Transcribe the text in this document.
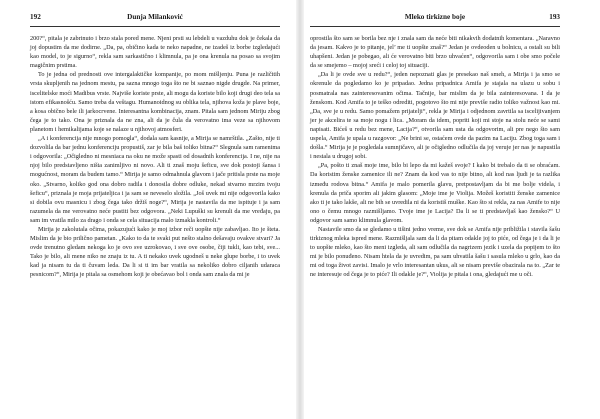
192	Dunja Milanković

200?“, pitala je zabrinuto i brzo stala pored mene. Njeni prsti su lebdeli u vazduhu dok je čekala da joj dopustim da me dodirne. „Da, pa, običino kada te neko napadne, ne izadeš iz borbe izgledajući kao model, to je sigurno“, rekla sam sarkastično i klimnula, pa je ona krenula na posao sa svojim magičnim prstima.

To je jedna od prednosti ove intergalaktičke kompanije, po mom mišljenju. Puna je različitih vrsta skupljenih na jednom mestu, pa sazna mnogo toga što ne bi saznao nigde drugde. Na primer, iscelitelske moći Madibus vrste. Najviše koriste prste, ali mogu da koriste bilo koji drugi deo tela sa istom efikasnošću. Samo treba da veštagu. Humanoidnog su oblika tela, njihova koža je plave boje, a kosa obično bele ili jarkocrvene. Interesantna kombinacija, znam. Pitala sam jednom Miriju zbog čega je to tako. Ona je priznala da ne zna, ali da je čula da verovatno ima veze sa njihovom planetom i hemikalijama koje se nalaze u njihovoj atmosferi.

„A i konferencija nije mnogo pomogla“, dodala sam kasnije, a Mirija se namrštila. „Zašto, nije ti dozvolila da bar jednu konferenciju propustiš, zar je bila baš toliko bitna?“ Slegnula sam ramenima i odgovorila: „Očigledno ni mesniaca na oku ne može spasti od dosadnih konferencija. I ne, nije na njoj bilo predstavljeno ništa zanimljivo ni novo. Ali ti znaš moju šeficu, sve dok postoji šansa i mogućnost, moram da budem tamo.“ Mirija je samo odmahnula glavom i jače pritisla prste na moje oko. „Stvarno, koliko god ona dobro radila i donosila dobre odluke, nekad stvarno mrzim tvoju šeficu“, priznala je moja prijateljica i ja sam se neveselo složila. „Još uvek mi nije odgovorila kako si dobila ovu masnicu i zbog čega tako držiš noge?“, Mirija je nastavila da me ispituje i ja sam razumela da me verovatno neće pustiti bez odgovora. „Neki Lupuški su krenuli da me vređaju, pa sam im vratila milo za drago i onda se cela situacija malo izmakla kontroli.“

Mirija je zakolutala očima, pokazujući kako je moj izbor reči uopšte nije zabavljao. Ito je šteta. Mislim da je bio prilično pametan. „Kako to da te svaki put nešto stalno dešavaju ovakve stvari? Ja ovde trenutno gledam nekoga ko je ovo sve uzrokovao, i sve ove osobe, čiji tukli, kao tebi, sve... Tako je bilo, ali mene niko ne znaju iz tu. A ti nekako uvek ugodneš u neke glupe borbe, i to uvek kad ja nisam tu da ti čuvam leda. Da li si ti im bar vratila sa nekoliko dobro ciljanih udaraca pesnicom?“, Mirija je pitala sa osmehom koji je obećavao bol i onda sam znala da mi je

Mleko tirkizne boje	193

oprostila što sam se borila bez nje i znala sam da neće biti nikakvih dodatnih komentara. „Naravno da jesam. Kakvo je to pitanje, jel’ me ti uopšte znaš?“ Jedan je ovdeoden u bolnicu, a ostali su bili uhapšeni. Jedan je pobegao, ali će verovatno biti brzo uhvaćen“, odgovorila sam i obe smo počele da se smejemo – mojoj sreći i celoj toj situaciji.

„Da li je ovde sve u redu?“, jeden nepoznati glas je presekao naš smeh, a Mirija i ja smo se okrenule da pogledamo ko je pripadao. Jedna pripadnica Amifa je stajala na ulazu u sobu i posmatrala nas zainteresovanim očima. Tačnije, bar mislim da je bila zainteresovana. I da je ženskom. Kod Amifa to je teško odrediti, pogotovo što mi nije previše radio toliko važnost kao mi. „Da, sve je u redu. Samo pomažem prijatelji“, rekla je Mirija i odjednom zavrtila sa iscelijivanjem jer je akcelira te sa moje nogu i lica. „Moram da idem, popriti koji mi stoje na stolu neće se sami napisati. Bićeš u redu bez mene, Lacija?“, otvorila sam usta da odgovorim, ali pre nego što sam uspela, Amifa je upala u razgovor: „Ne brini se, ostaćem ovde da pazim na Laciju. Zbog toga sam i došla.“ Mirija je je pogledala sumnjičavo, ali je očigledno odlučila da joj veruje jer nas je napustila i nestala u drugoj sobi.

„Pa, pošto ti znaš moje ime, bilo bi lepo da mi kažeš svoje? I kako bi trebalo da ti se obraćam. Da koristim ženske zamenice ili ne? Znam da kod vas to nije bitno, ali kod nas ljudi je ta razlika između rodova bitna.“ Amifa je malo pomerila glavu, pretpostavljam da bi me bolje videla, i krenula da priča sporim ali jakim glasom: „Moje ime je Violija. Možeš koristiti ženske zamenice ako ti je tako lakše, ali ne bih se uvredila ni da koristiš muške. Kao što si rekla, za nas Amife to nije ono o čemu mnogo razmišljamo. Tvoje ime je Lacija? Da li se ti predstavljaš kao žensko?“ U odgovor sam samo klimnula glavom.

Nastavile smo da se gledamo u tišini jedno vreme, sve dok se Amifa nije približila i stavila šašu tirkiznog mleka ispred mene. Razmišljala sam da li da pitam odakle joj to piće, od čega je i da li je to uopšte mleko, kao što meni izgleda, ali sam odlučila da nagrizem jezik i uzela da popijem to što mi je bilo ponuđeno. Nisam htela da je uvredim, pa sam uhvatila šašu i sasula mleko u grlo, kao da mi od toga život zavisi. Imalo je vrlo interesantan ukus, ali se nisam previše obazirala na to. „Zar te ne interesuje od čega je to piće? Ili odakle je?“, Violija je pitala i ona, gledajući me u oči.
